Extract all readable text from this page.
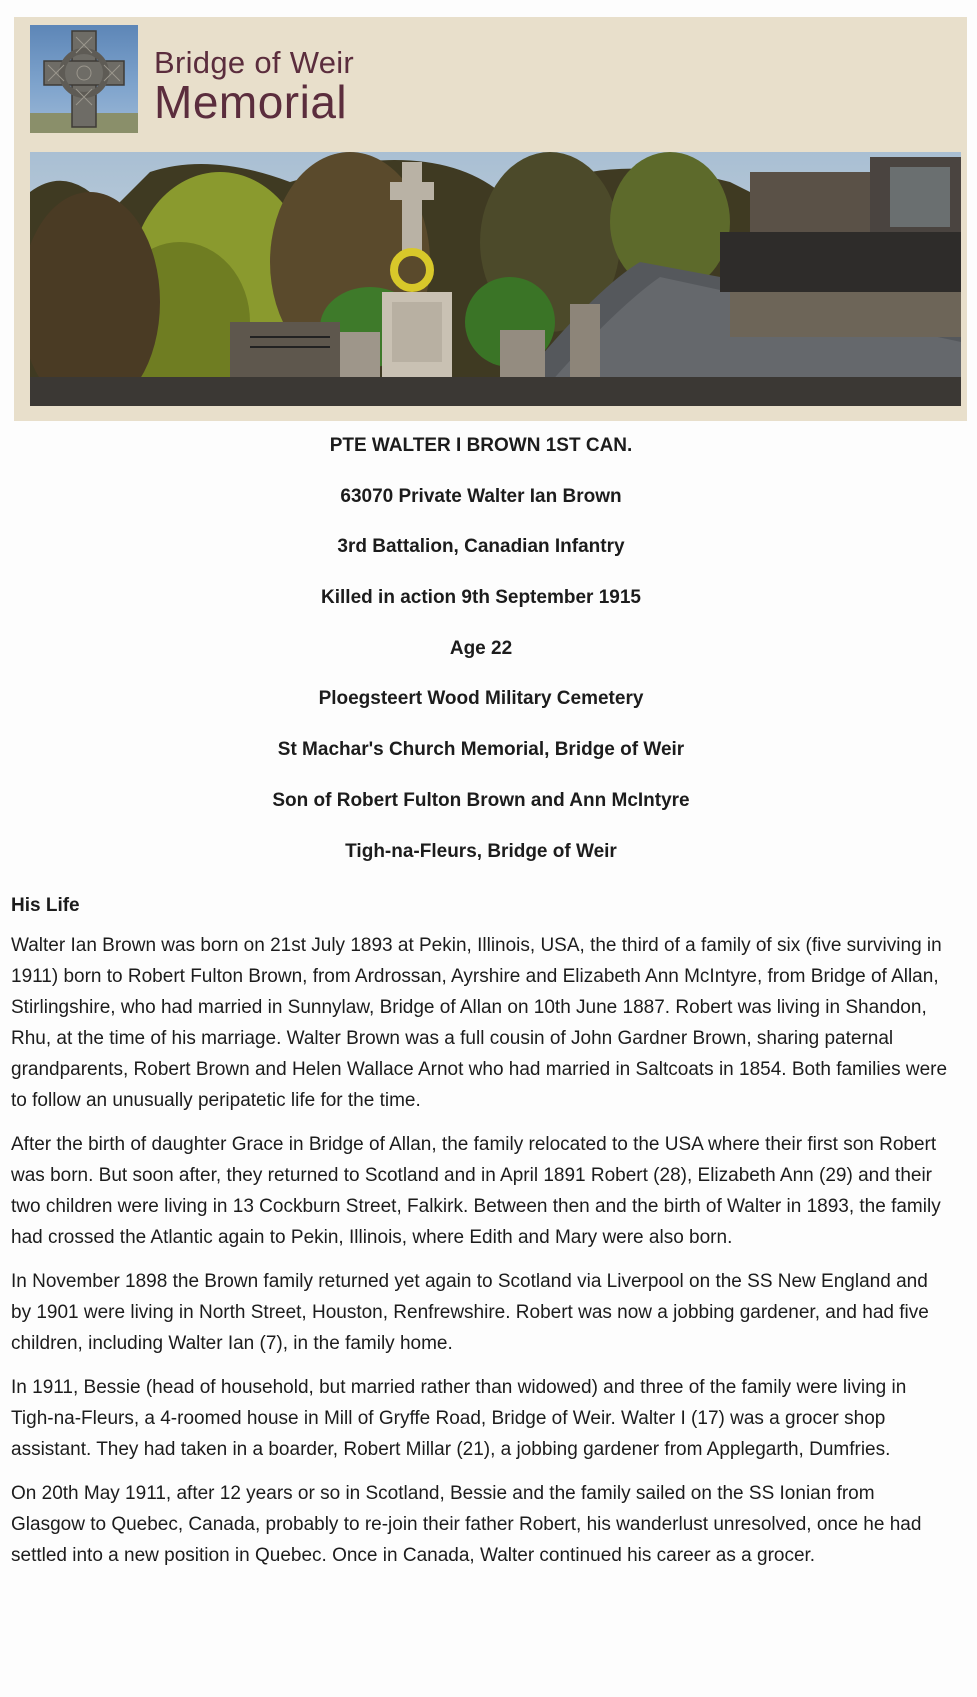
Bridge of Weir
Memorial

PTE WALTER I BROWN 1ST CAN.

63070 Private Walter Ian Brown

3rd Battalion, Canadian Infantry

Killed in action 9th September 1915

Age 22

Ploegsteert Wood Military Cemetery

St Machar's Church Memorial, Bridge of Weir

Son of Robert Fulton Brown and Ann McIntyre

Tigh-na-Fleurs, Bridge of Weir

His Life

Walter Ian Brown was born on 21st July 1893 at Pekin, Illinois, USA, the third of a family of six (five surviving in 1911) born to Robert Fulton Brown, from Ardrossan, Ayrshire and Elizabeth Ann McIntyre, from Bridge of Allan, Stirlingshire, who had married in Sunnylaw, Bridge of Allan on 10th June 1887. Robert was living in Shandon, Rhu, at the time of his marriage. Walter Brown was a full cousin of John Gardner Brown, sharing paternal grandparents, Robert Brown and Helen Wallace Arnot who had married in Saltcoats in 1854. Both families were to follow an unusually peripatetic life for the time.

After the birth of daughter Grace in Bridge of Allan, the family relocated to the USA where their first son Robert was born. But soon after, they returned to Scotland and in April 1891 Robert (28), Elizabeth Ann (29) and their two children were living in 13 Cockburn Street, Falkirk. Between then and the birth of Walter in 1893, the family had crossed the Atlantic again to Pekin, Illinois, where Edith and Mary were also born.

In November 1898 the Brown family returned yet again to Scotland via Liverpool on the SS New England and by 1901 were living in North Street, Houston, Renfrewshire. Robert was now a jobbing gardener, and had five children, including Walter Ian (7), in the family home.

In 1911, Bessie (head of household, but married rather than widowed) and three of the family were living in Tigh-na-Fleurs, a 4-roomed house in Mill of Gryffe Road, Bridge of Weir. Walter I (17) was a grocer shop assistant. They had taken in a boarder, Robert Millar (21), a jobbing gardener from Applegarth, Dumfries.

On 20th May 1911, after 12 years or so in Scotland, Bessie and the family sailed on the SS Ionian from Glasgow to Quebec, Canada, probably to re-join their father Robert, his wanderlust unresolved, once he had settled into a new position in Quebec. Once in Canada, Walter continued his career as a grocer.
